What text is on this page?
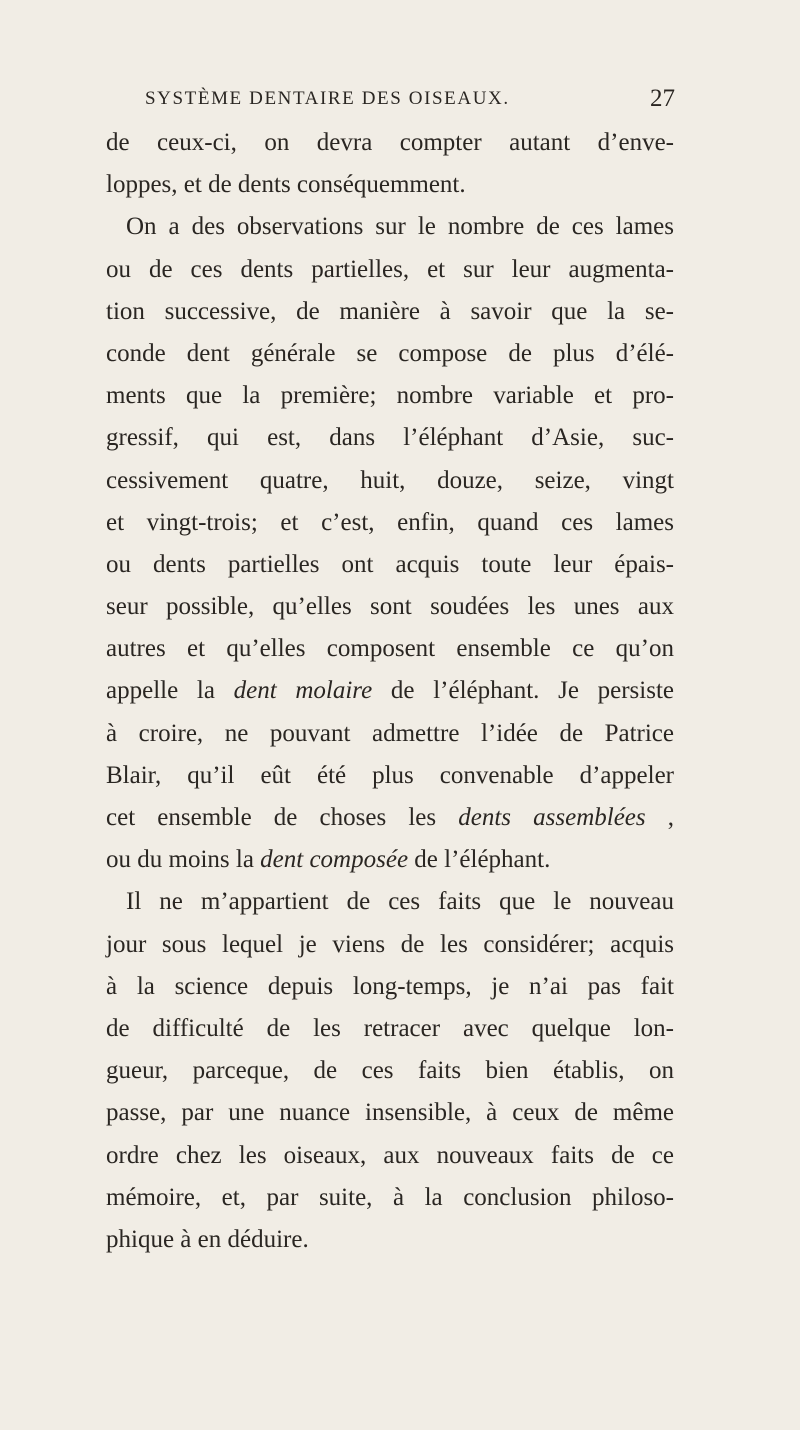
SYSTÈME DENTAIRE DES OISEAUX.	27
de ceux-ci, on devra compter autant d’enve-
loppes, et de dents conséquemment.
On a des observations sur le nombre de ces lames
ou de ces dents partielles, et sur leur augmenta-
tion successive, de manière à savoir que la se-
conde dent générale se compose de plus d’élé-
ments que la première; nombre variable et pro-
gressif, qui est, dans l’éléphant d’Asie, suc-
cessivement quatre, huit, douze, seize, vingt
et vingt-trois; et c’est, enfin, quand ces lames
ou dents partielles ont acquis toute leur épais-
seur possible, qu’elles sont soudées les unes aux
autres et qu’elles composent ensemble ce qu’on
appelle la dent molaire de l’éléphant. Je persiste
à croire, ne pouvant admettre l’idée de Patrice
Blair, qu’il eût été plus convenable d’appeler
cet ensemble de choses les dents assemblées ,
ou du moins la dent composée de l’éléphant.
Il ne m’appartient de ces faits que le nouveau
jour sous lequel je viens de les considérer; acquis
à la science depuis long-temps, je n’ai pas fait
de difficulté de les retracer avec quelque lon-
gueur, parceque, de ces faits bien établis, on
passe, par une nuance insensible, à ceux de même
ordre chez les oiseaux, aux nouveaux faits de ce
mémoire, et, par suite, à la conclusion philoso-
phique à en déduire.
